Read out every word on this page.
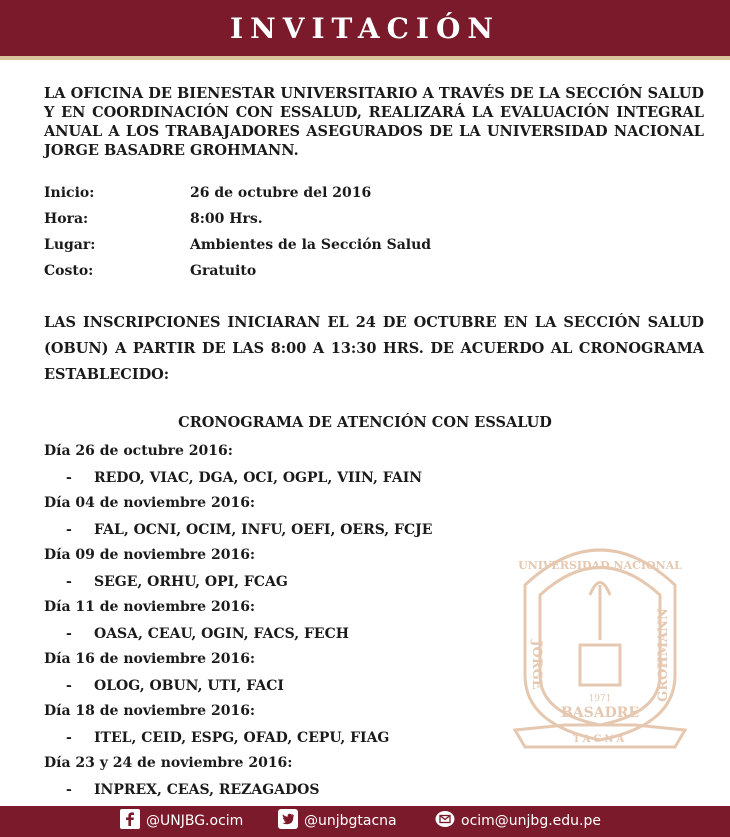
INVITACIÓN
LA OFICINA DE BIENESTAR UNIVERSITARIO A TRAVÉS DE LA SECCIÓN SALUD Y EN COORDINACIÓN CON ESSALUD, REALIZARÁ LA EVALUACIÓN INTEGRAL ANUAL A LOS TRABAJADORES ASEGURADOS DE LA UNIVERSIDAD NACIONAL JORGE BASADRE GROHMANN.
Inicio:	26 de octubre del 2016
Hora:	8:00 Hrs.
Lugar:	Ambientes de la Sección Salud
Costo:	Gratuito
LAS INSCRIPCIONES INICIARAN EL 24 DE OCTUBRE EN LA SECCIÓN SALUD (OBUN) A PARTIR DE LAS 8:00 A 13:30 HRS. DE ACUERDO AL CRONOGRAMA ESTABLECIDO:
UNIVERSIDAD NACIONAL
JORGE	GROHMANN
BASADRE
1971
TACNA
CRONOGRAMA DE ATENCIÓN CON ESSALUD
Día 26 de octubre 2016:
- REDO, VIAC, DGA, OCI, OGPL, VIIN, FAIN
Día 04 de noviembre 2016:
- FAL, OCNI, OCIM, INFU, OEFI, OERS, FCJE
Día 09 de noviembre 2016:
- SEGE, ORHU, OPI, FCAG
Día 11 de noviembre 2016:
- OASA, CEAU, OGIN, FACS, FECH
Día 16 de noviembre 2016:
- OLOG, OBUN, UTI, FACI
Día 18 de noviembre 2016:
- ITEL, CEID, ESPG, OFAD, CEPU, FIAG
Día 23 y 24 de noviembre 2016:
- INPREX, CEAS, REZAGADOS
@UNJBG.ocim	@unjbgtacna	ocim@unjbg.edu.pe
